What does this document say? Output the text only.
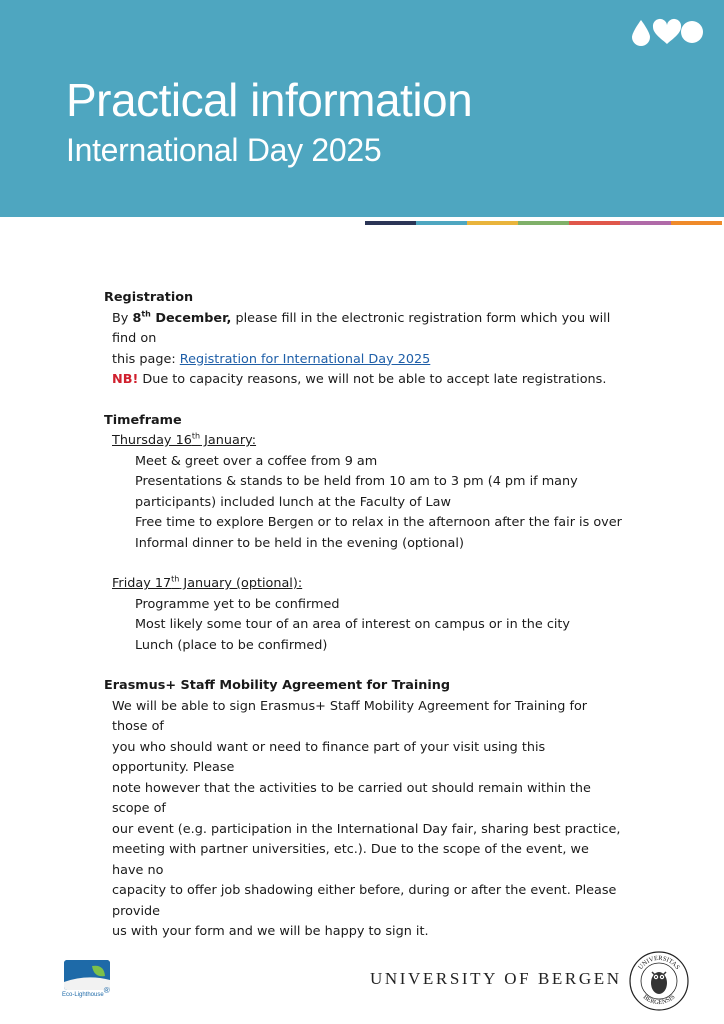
Practical information
International Day 2025
Registration
By 8th December, please fill in the electronic registration form which you will find on
this page: Registration for International Day 2025
NB! Due to capacity reasons, we will not be able to accept late registrations.
Timeframe
Thursday 16th January:
Meet & greet over a coffee from 9 am
Presentations & stands to be held from 10 am to 3 pm (4 pm if many
participants) included lunch at the Faculty of Law
Free time to explore Bergen or to relax in the afternoon after the fair is over
Informal dinner to be held in the evening (optional)
Friday 17th January (optional):
Programme yet to be confirmed
Most likely some tour of an area of interest on campus or in the city
Lunch (place to be confirmed)
Erasmus+ Staff Mobility Agreement for Training
We will be able to sign Erasmus+ Staff Mobility Agreement for Training for those of
you who should want or need to finance part of your visit using this opportunity. Please
note however that the activities to be carried out should remain within the scope of
our event (e.g. participation in the International Day fair, sharing best practice,
meeting with partner universities, etc.). Due to the scope of the event, we have no
capacity to offer job shadowing either before, during or after the event. Please provide
us with your form and we will be happy to sign it.
Eco-Lighthouse®
UNIVERSITY OF BERGEN
UNIVERSITAS
BERGENSIS
